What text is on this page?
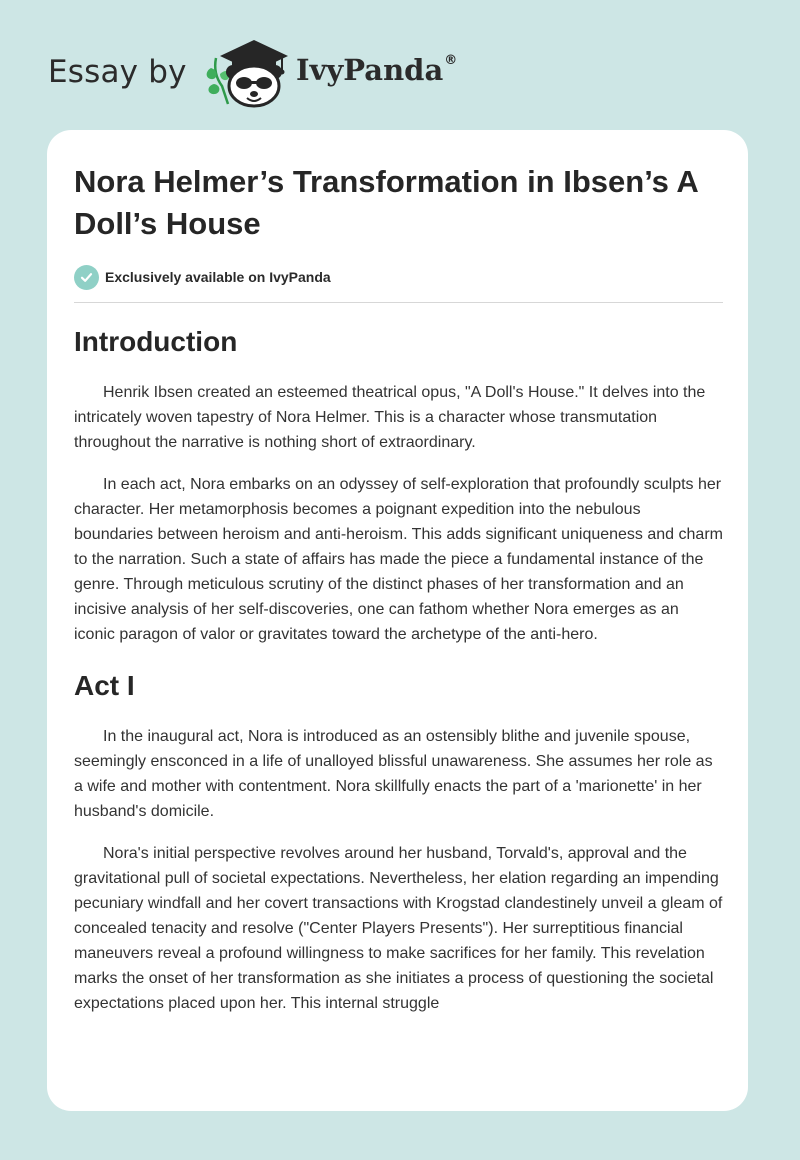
Essay by	IvyPanda®
Nora Helmer’s Transformation in Ibsen’s A Doll’s House
Exclusively available on IvyPanda
Introduction

Henrik Ibsen created an esteemed theatrical opus, "A Doll's House." It delves into the intricately woven tapestry of Nora Helmer. This is a character whose transmutation throughout the narrative is nothing short of extraordinary.

In each act, Nora embarks on an odyssey of self-exploration that profoundly sculpts her character. Her metamorphosis becomes a poignant expedition into the nebulous boundaries between heroism and anti-heroism. This adds significant uniqueness and charm to the narration. Such a state of affairs has made the piece a fundamental instance of the genre. Through meticulous scrutiny of the distinct phases of her transformation and an incisive analysis of her self-discoveries, one can fathom whether Nora emerges as an iconic paragon of valor or gravitates toward the archetype of the anti-hero.

Act I

In the inaugural act, Nora is introduced as an ostensibly blithe and juvenile spouse, seemingly ensconced in a life of unalloyed blissful unawareness. She assumes her role as a wife and mother with contentment. Nora skillfully enacts the part of a 'marionette' in her husband's domicile.

Nora's initial perspective revolves around her husband, Torvald's, approval and the gravitational pull of societal expectations. Nevertheless, her elation regarding an impending pecuniary windfall and her covert transactions with Krogstad clandestinely unveil a gleam of concealed tenacity and resolve ("Center Players Presents"). Her surreptitious financial maneuvers reveal a profound willingness to make sacrifices for her family. This revelation marks the onset of her transformation as she initiates a process of questioning the societal expectations placed upon her. This internal struggle
